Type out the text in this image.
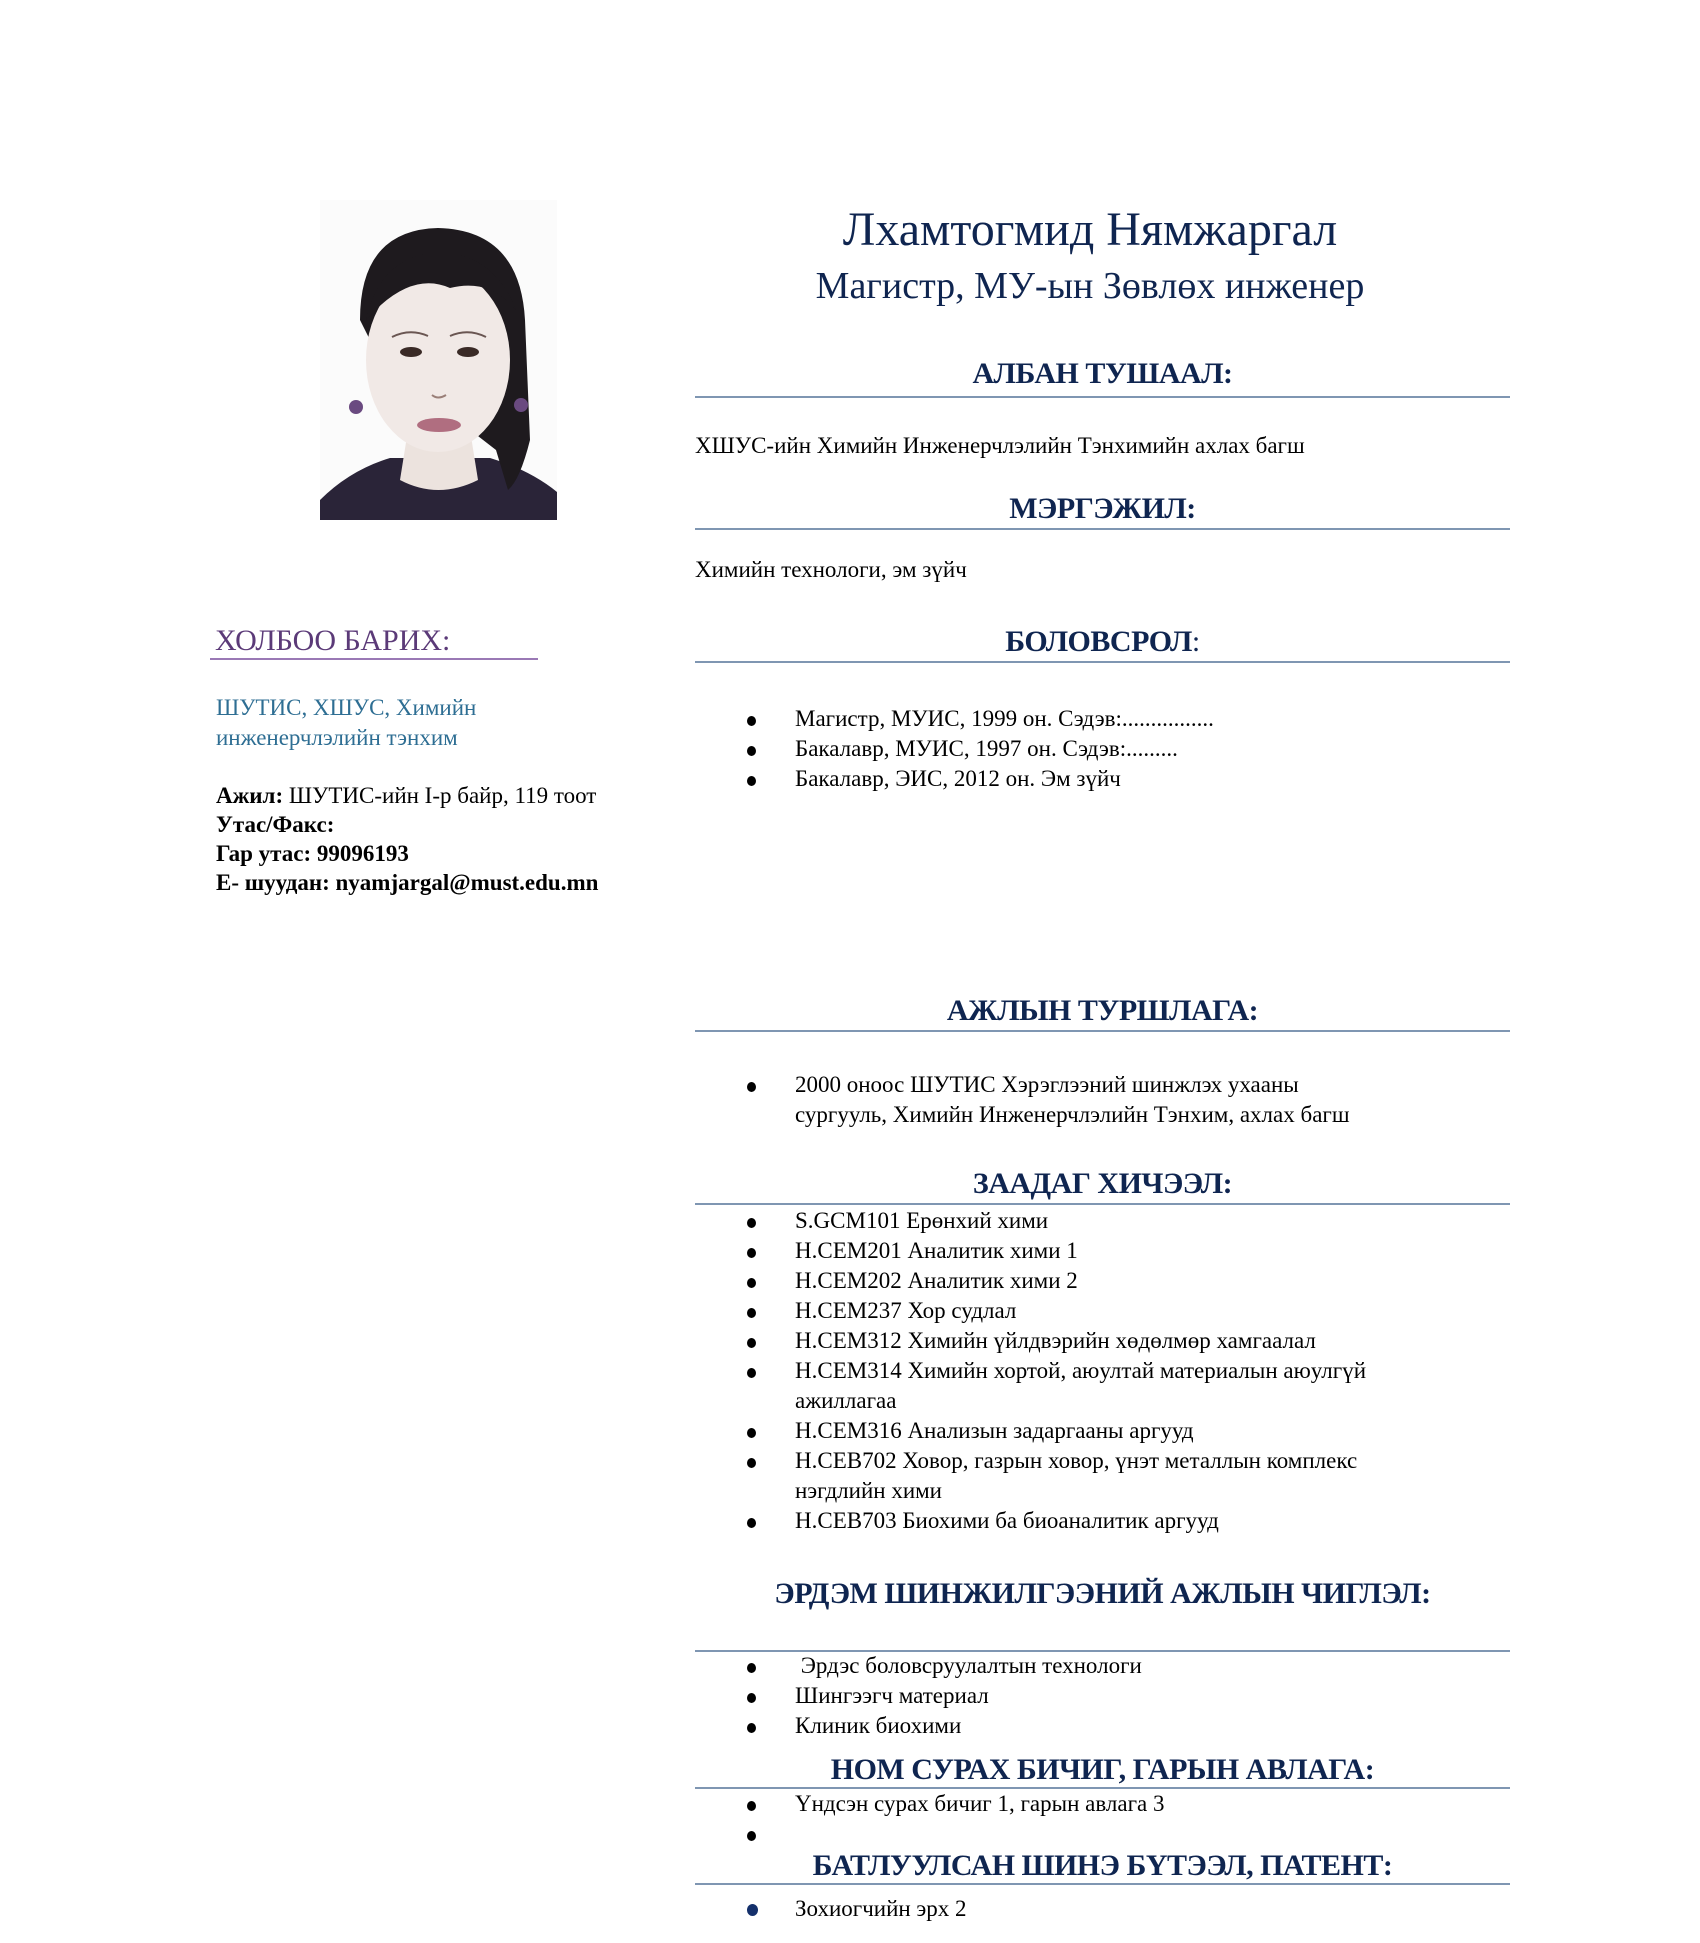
Лхамтогмид Нямжаргал
Магистр, МУ-ын Зөвлөх инженер
АЛБАН ТУШААЛ:
ХШУС-ийн Химийн Инженерчлэлийн Тэнхимийн ахлах багш
МЭРГЭЖИЛ:
Химийн технологи, эм зүйч
БОЛОВСРОЛ:
Магистр, МУИС, 1999 он. Сэдэв:................
Бакалавр, МУИС, 1997 он. Сэдэв:.........
Бакалавр, ЭИС, 2012 он. Эм зүйч
АЖЛЫН ТУРШЛАГА:
2000 оноос ШУТИС Хэрэглээний шинжлэх ухааны сургууль, Химийн Инженерчлэлийн Тэнхим, ахлах багш
ЗААДАГ ХИЧЭЭЛ:
S.GCM101 Ерөнхий хими
H.CEM201 Аналитик хими 1
H.CEM202 Аналитик хими 2
H.CEM237 Хор судлал
H.CEM312 Химийн үйлдвэрийн хөдөлмөр хамгаалал
H.CEM314 Химийн хортой, аюултай материалын аюулгүй ажиллагаа
H.CEM316 Анализын задаргааны аргууд
H.CEB702 Ховор, газрын ховор, үнэт металлын комплекс нэгдлийн хими
H.CEB703 Биохими ба биоаналитик аргууд
ЭРДЭМ ШИНЖИЛГЭЭНИЙ АЖЛЫН ЧИГЛЭЛ:
Эрдэс боловсруулалтын технологи
Шингээгч материал
Клиник биохими
НОМ СУРАХ БИЧИГ, ГАРЫН АВЛАГА:
Үндсэн сурах бичиг 1, гарын авлага 3
БАТЛУУЛСАН ШИНЭ БҮТЭЭЛ, ПАТЕНТ:
Зохиогчийн эрх 2
ХОЛБОО БАРИХ:
ШУТИС, ХШУС, Химийн инженерчлэлийн тэнхим
Ажил: ШУТИС-ийн I-р байр, 119 тоот
Утас/Факс:
Гар утас: 99096193
Е- шуудан: nyamjargal@must.edu.mn
